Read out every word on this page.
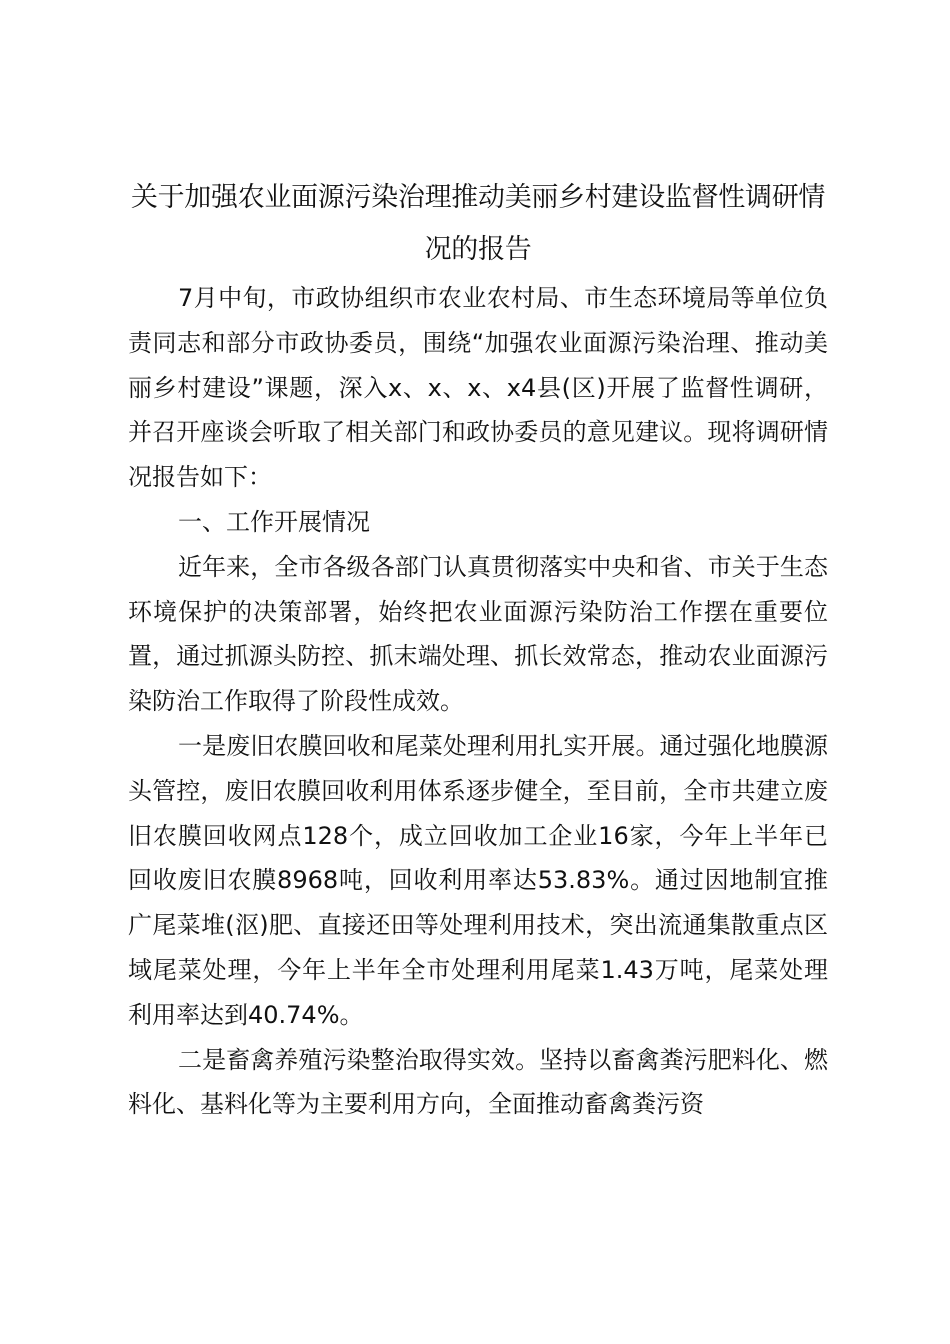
关于加强农业面源污染治理推动美丽乡村建设监督性调研情况的报告

7月中旬，市政协组织市农业农村局、市生态环境局等单位负责同志和部分市政协委员，围绕“加强农业面源污染治理、推动美丽乡村建设”课题，深入x、x、x、x4县(区)开展了监督性调研，并召开座谈会听取了相关部门和政协委员的意见建议。现将调研情况报告如下：

一、工作开展情况

近年来，全市各级各部门认真贯彻落实中央和省、市关于生态环境保护的决策部署，始终把农业面源污染防治工作摆在重要位置，通过抓源头防控、抓末端处理、抓长效常态，推动农业面源污染防治工作取得了阶段性成效。

一是废旧农膜回收和尾菜处理利用扎实开展。通过强化地膜源头管控，废旧农膜回收利用体系逐步健全，至目前，全市共建立废旧农膜回收网点128个，成立回收加工企业16家，今年上半年已回收废旧农膜8968吨，回收利用率达53.83%。通过因地制宜推广尾菜堆(沤)肥、直接还田等处理利用技术，突出流通集散重点区域尾菜处理，今年上半年全市处理利用尾菜1.43万吨，尾菜处理利用率达到40.74%。

二是畜禽养殖污染整治取得实效。坚持以畜禽粪污肥料化、燃料化、基料化等为主要利用方向，全面推动畜禽粪污资
